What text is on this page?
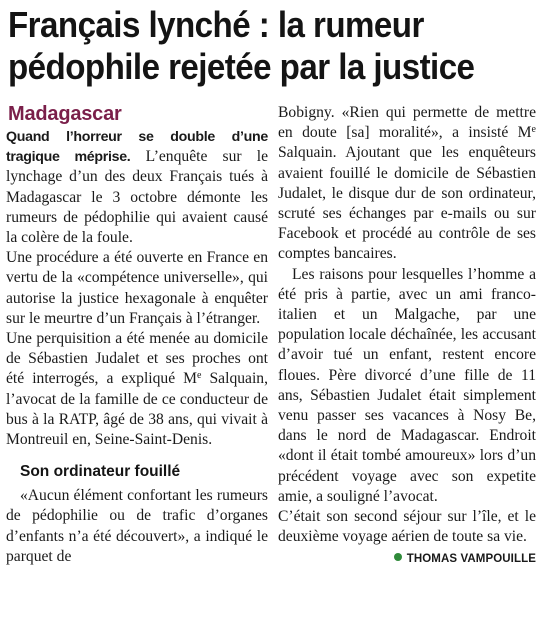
Français lynché : la rumeur
pédophile rejetée par la justice
Madagascar

Quand l’horreur se double d’une tragique méprise. L’enquête sur le lynchage d’un des deux Français tués à Madagascar le 3 octobre démonte les rumeurs de pédophilie qui avaient causé la colère de la foule.

Une procédure a été ouverte en France en vertu de la «compétence universelle», qui autorise la justice hexagonale à enquêter sur le meurtre d’un Français à l’étranger.

Une perquisition a été menée au domicile de Sébastien Judalet et ses proches ont été interrogés, a expliqué Me Salquain, l’avocat de la famille de ce conducteur de bus à la RATP, âgé de 38 ans, qui vivait à Montreuil en, Seine-Saint-Denis.

Son ordinateur fouillé

«Aucun élément confortant les rumeurs de pédophilie ou de trafic d’organes d’enfants n’a été découvert», a indiqué le parquet de

Bobigny. «Rien qui permette de mettre en doute [sa] moralité», a insisté Me Salquain. Ajoutant que les enquêteurs avaient fouillé le domicile de Sébastien Judalet, le disque dur de son ordinateur, scruté ses échanges par e-mails ou sur Facebook et procédé au contrôle de ses comptes bancaires.

Les raisons pour lesquelles l’homme a été pris à partie, avec un ami franco-italien et un Malgache, par une population locale déchaînée, les accusant d’avoir tué un enfant, restent encore floues. Père divorcé d’une fille de 11 ans, Sébastien Judalet était simplement venu passer ses vacances à Nosy Be, dans le nord de Madagascar. Endroit «dont il était tombé amoureux» lors d’un précédent voyage avec son expetite amie, a souligné l’avocat.

C’était son second séjour sur l’île, et le deuxième voyage aérien de toute sa vie.
THOMAS VAMPOUILLE
